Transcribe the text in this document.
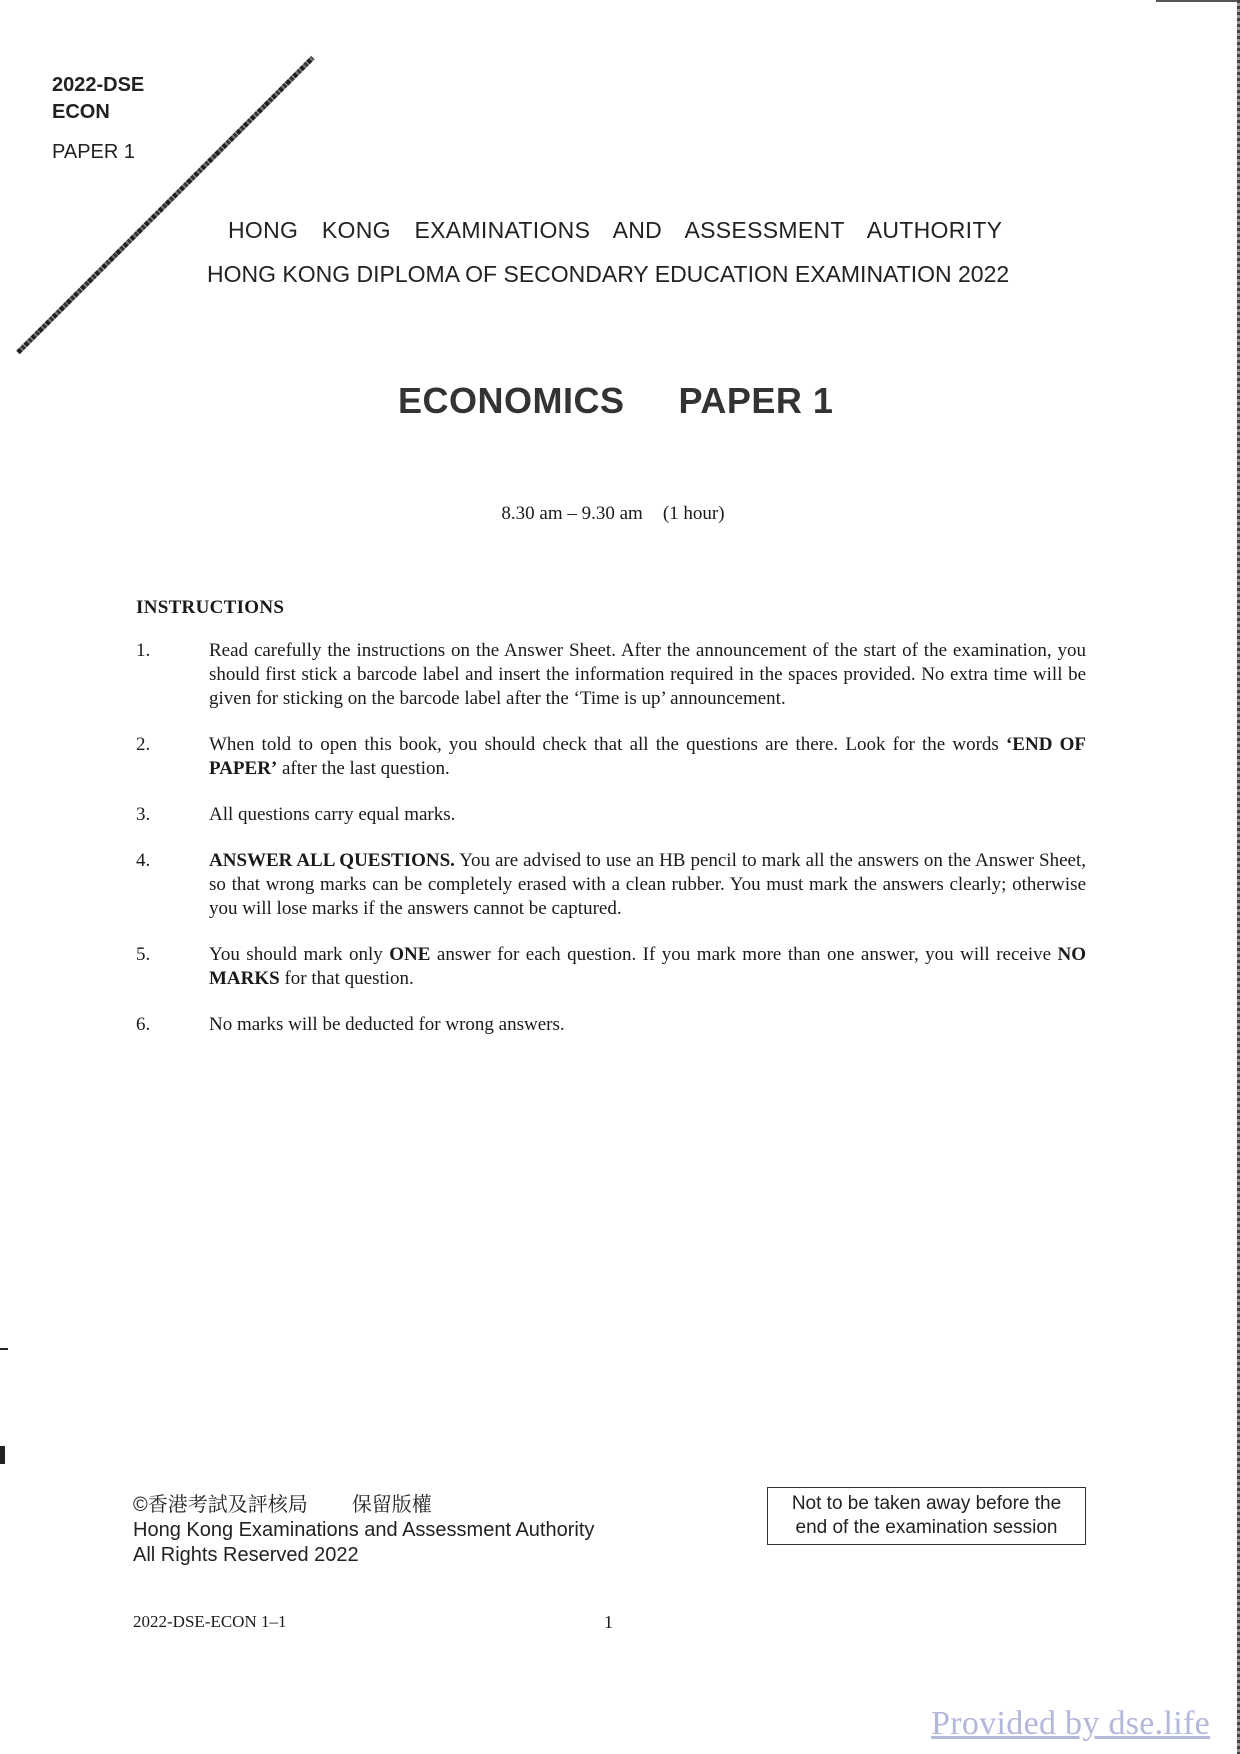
2022-DSE
ECON
PAPER 1
HONG KONG EXAMINATIONS AND ASSESSMENT AUTHORITY
HONG KONG DIPLOMA OF SECONDARY EDUCATION EXAMINATION 2022
ECONOMICS PAPER 1
8.30 am – 9.30 am (1 hour)
INSTRUCTIONS
1.	Read carefully the instructions on the Answer Sheet. After the announcement of the start of the examination, you should first stick a barcode label and insert the information required in the spaces provided. No extra time will be given for sticking on the barcode label after the ‘Time is up’ announcement.
2.	When told to open this book, you should check that all the questions are there. Look for the words ‘END OF PAPER’ after the last question.
3.	All questions carry equal marks.
4.	ANSWER ALL QUESTIONS. You are advised to use an HB pencil to mark all the answers on the Answer Sheet, so that wrong marks can be completely erased with a clean rubber. You must mark the answers clearly; otherwise you will lose marks if the answers cannot be captured.
5.	You should mark only ONE answer for each question. If you mark more than one answer, you will receive NO MARKS for that question.
6.	No marks will be deducted for wrong answers.
©香港考試及評核局 保留版權
Hong Kong Examinations and Assessment Authority
All Rights Reserved 2022
Not to be taken away before the
end of the examination session
2022-DSE-ECON 1–1	1
Provided by dse.life
